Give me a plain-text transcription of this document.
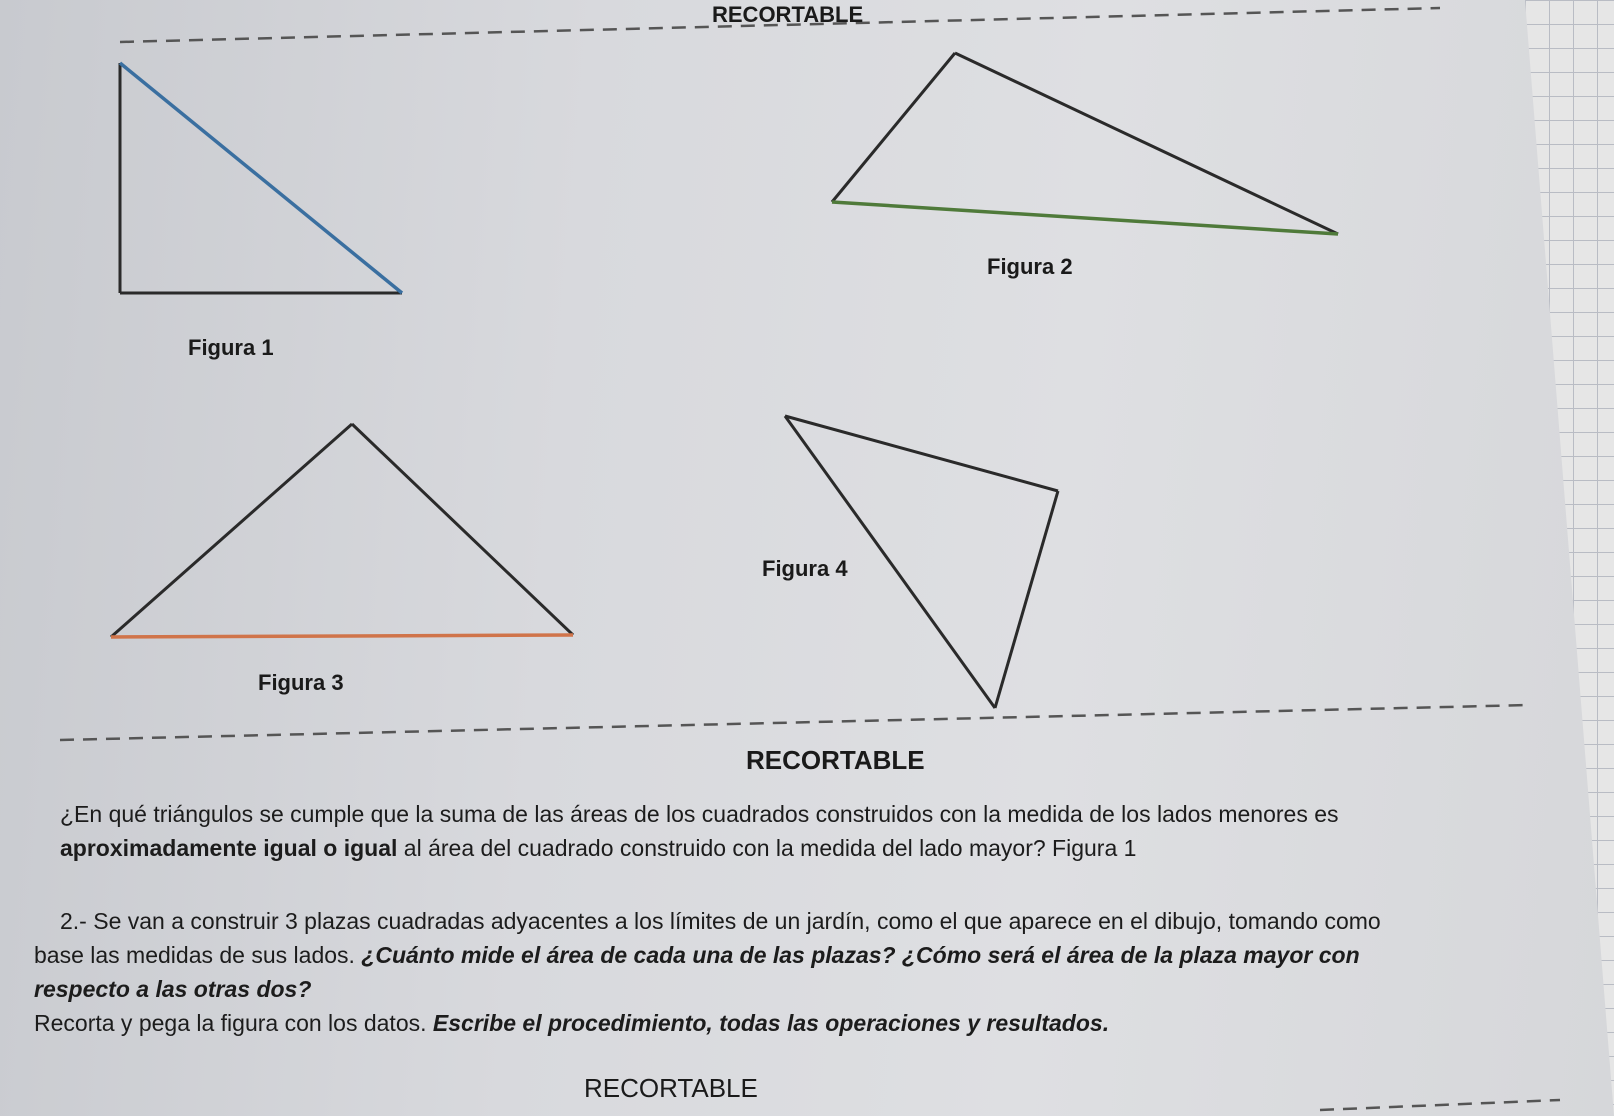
RECORTABLE
Figura 1
Figura 2
Figura 3
Figura 4
RECORTABLE
¿En qué triángulos se cumple que la suma de las áreas de los cuadrados construidos con la medida de los lados menores es
aproximadamente igual o igual al área del cuadrado construido con la medida del lado mayor? Figura 1
2.- Se van a construir 3 plazas cuadradas adyacentes a los límites de un jardín, como el que aparece en el dibujo, tomando como
base las medidas de sus lados. ¿Cuánto mide el área de cada una de las plazas? ¿Cómo será el área de la plaza mayor con
respecto a las otras dos?
Recorta y pega la figura con los datos. Escribe el procedimiento, todas las operaciones y resultados.
RECORTABLE
